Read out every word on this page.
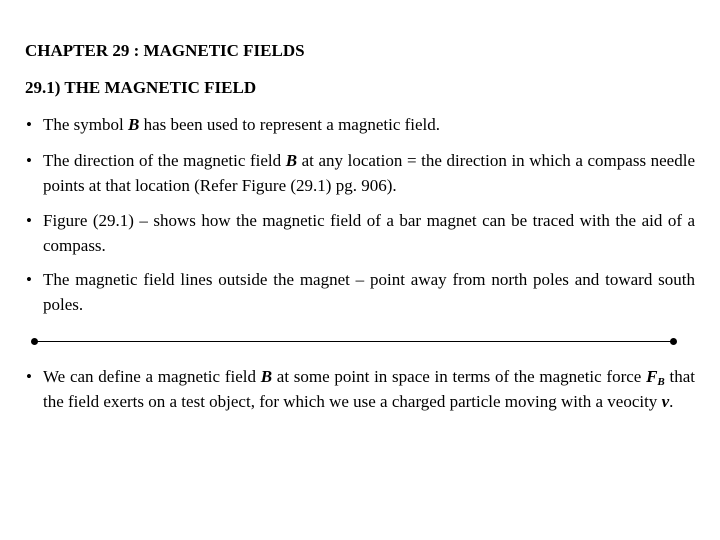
CHAPTER 29 : MAGNETIC FIELDS
29.1) THE MAGNETIC FIELD
• The symbol B has been used to represent a magnetic field.
• The direction of the magnetic field B at any location = the direction in which a compass needle points at that location (Refer Figure (29.1) pg. 906).
• Figure (29.1) – shows how the magnetic field of a bar magnet can be traced with the aid of a compass.
• The magnetic field lines outside the magnet – point away from north poles and toward south poles.
• We can define a magnetic field B at some point in space in terms of the magnetic force $F_B$ that the field exerts on a test object, for which we use a charged particle moving with a veocity v.
